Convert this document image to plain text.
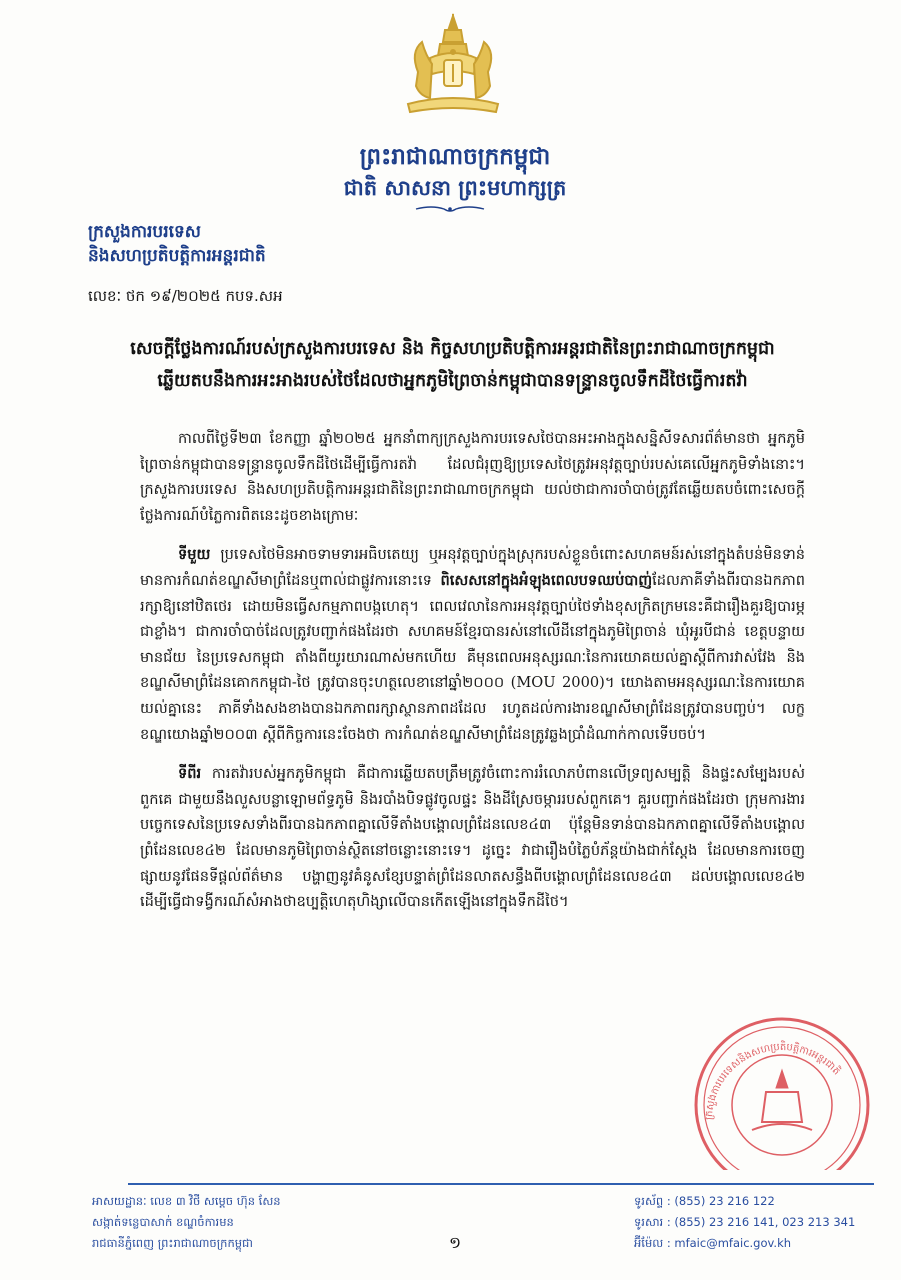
ព្រះរាជាណាចក្រកម្ពុជា
ជាតិ សាសនា ព្រះមហាក្សត្រ
ក្រសួងការបរទេស
និងសហប្រតិបត្តិការអន្តរជាតិ
លេខៈ ថក ១៩/២០២៥ កបទ.សអ
សេចក្តីថ្លែងការណ៍របស់ក្រសួងការបរទេស និង កិច្ចសហប្រតិបត្តិការអន្តរជាតិនៃព្រះរាជាណាចក្រកម្ពុជា
ឆ្លើយតបនឹងការអះអាងរបស់ថៃដែលថាអ្នកភូមិព្រៃចាន់កម្ពុជាបានទន្ទ្រានចូលទឹកដីថៃធ្វើការតវ៉ា

កាលពីថ្ងៃទី២៣ ខែកញ្ញា ឆ្នាំ២០២៥ អ្នកនាំពាក្យក្រសួងការបរទេសថៃបានអះអាងក្នុងសន្និសីទសារព័ត៌មានថា អ្នកភូមិព្រៃចាន់កម្ពុជាបានទន្ទ្រានចូលទឹកដីថៃដើម្បីធ្វើការតវ៉ា ដែលជំរុញឱ្យប្រទេសថៃត្រូវអនុវត្តច្បាប់របស់គេលើអ្នកភូមិទាំងនោះ។ ក្រសួងការបរទេស និងសហប្រតិបត្តិការអន្តរជាតិនៃព្រះរាជាណាចក្រកម្ពុជា យល់ថាជាការចាំបាច់ត្រូវតែឆ្លើយតបចំពោះសេចក្តីថ្លែងការណ៍បំភ្លៃការពិតនេះដូចខាងក្រោមៈ

ទីមួយ ប្រទេសថៃមិនអាចទាមទារអធិបតេយ្យ ឬអនុវត្តច្បាប់ក្នុងស្រុករបស់ខ្លួនចំពោះសហគមន៍រស់នៅក្នុងតំបន់មិនទាន់មានការកំណត់ខណ្ឌសីមាព្រំដែនឬពាល់ជាផ្លូវការនោះទេ ពិសេសនៅក្នុងអំឡុងពេលបទឈប់បាញ់ដែលភាគីទាំងពីរបានឯកភាពរក្សាឱ្យនៅឋិតថេរ ដោយមិនធ្វើសកម្មភាពបង្កហេតុ។ ពេលវេលានៃការអនុវត្តច្បាប់ថៃទាំងខុសក្រិតក្រមនេះគឺជារឿងគួរឱ្យបារម្ភជាខ្លាំង។ ជាការចាំបាច់ដែលត្រូវបញ្ជាក់ផងដែរថា សហគមន៍ខ្មែរបានរស់នៅលើដីនៅក្នុងភូមិព្រៃចាន់ ឃុំអូរបីជាន់ ខេត្តបន្ទាយមានជ័យ នៃប្រទេសកម្ពុជា តាំងពីយូរយារណាស់មកហើយ គឺមុនពេលអនុស្សរណៈនៃការយោគយល់គ្នាស្តីពីការវាស់វែង និងខណ្ឌសីមាព្រំដែនគោកកម្ពុជា-ថៃ ត្រូវបានចុះហត្ថលេខានៅឆ្នាំ២០០០ (MOU 2000)។ យោងតាមអនុស្សរណៈនៃការយោគយល់គ្នានេះ ភាគីទាំងសងខាងបានឯកភាពរក្សាស្ថានភាពដដែល រហូតដល់ការងារខណ្ឌសីមាព្រំដែនត្រូវបានបញ្ចប់។ លក្ខខណ្ឌយោងឆ្នាំ២០០៣ ស្តីពីកិច្ចការនេះចែងថា ការកំណត់ខណ្ឌសីមាព្រំដែនត្រូវឆ្លងប្រាំដំណាក់កាលទើបចប់។

ទីពីរ ការតវ៉ារបស់អ្នកភូមិកម្ពុជា គឺជាការឆ្លើយតបត្រឹមត្រូវចំពោះការរំលោភបំពានលើទ្រព្យសម្បត្តិ និងផ្ទះសម្បែងរបស់ពួកគេ ជាមួយនឹងលួសបន្លាឡោមព័ទ្ធភូមិ និងរបាំងបិទផ្លូវចូលផ្ទះ និងដីស្រែចម្ការរបស់ពួកគេ។ គួរបញ្ជាក់ផងដែរថា ក្រុមការងារបច្ចេកទេសនៃប្រទេសទាំងពីរបានឯកភាពគ្នាលើទីតាំងបង្គោលព្រំដែនលេខ៤៣ ប៉ុន្តែមិនទាន់បានឯកភាពគ្នាលើទីតាំងបង្គោលព្រំដែនលេខ៤២ ដែលមានភូមិព្រៃចាន់ស្ថិតនៅចន្លោះនោះទេ។ ដូច្នេះ វាជារឿងបំភ្លៃបំភ័ន្តយ៉ាងជាក់ស្តែង ដែលមានការចេញផ្សាយនូវផែនទីផ្តល់ព័ត៌មាន បង្ហាញនូវគំនូសខ្សែបន្ទាត់ព្រំដែនលាតសន្ធឹងពីបង្គោលព្រំដែនលេខ៤៣ ដល់បង្គោលលេខ៤២ ដើម្បីធ្វើជាទង្វីករណ៍សំអាងថាឧប្បត្តិហេតុហិង្សាលើបានកើតឡើងនៅក្នុងទឹកដីថៃ។

ក្រសួងការបរទេសនិងសហប្រតិបត្តិការអន្តរជាតិ
អាសយដ្ឋានៈ លេខ ៣ វិថី សម្តេច ហ៊ុន សែន
សង្កាត់ទន្លេបាសាក់ ខណ្ឌចំការមន
រាជធានីភ្នំពេញ ព្រះរាជាណាចក្រកម្ពុជា
ទូរស័ព្ទ : (855) 23 216 122
ទូរសារ : (855) 23 216 141, 023 213 341
អ៊ីម៉ែល : mfaic@mfaic.gov.kh
១
